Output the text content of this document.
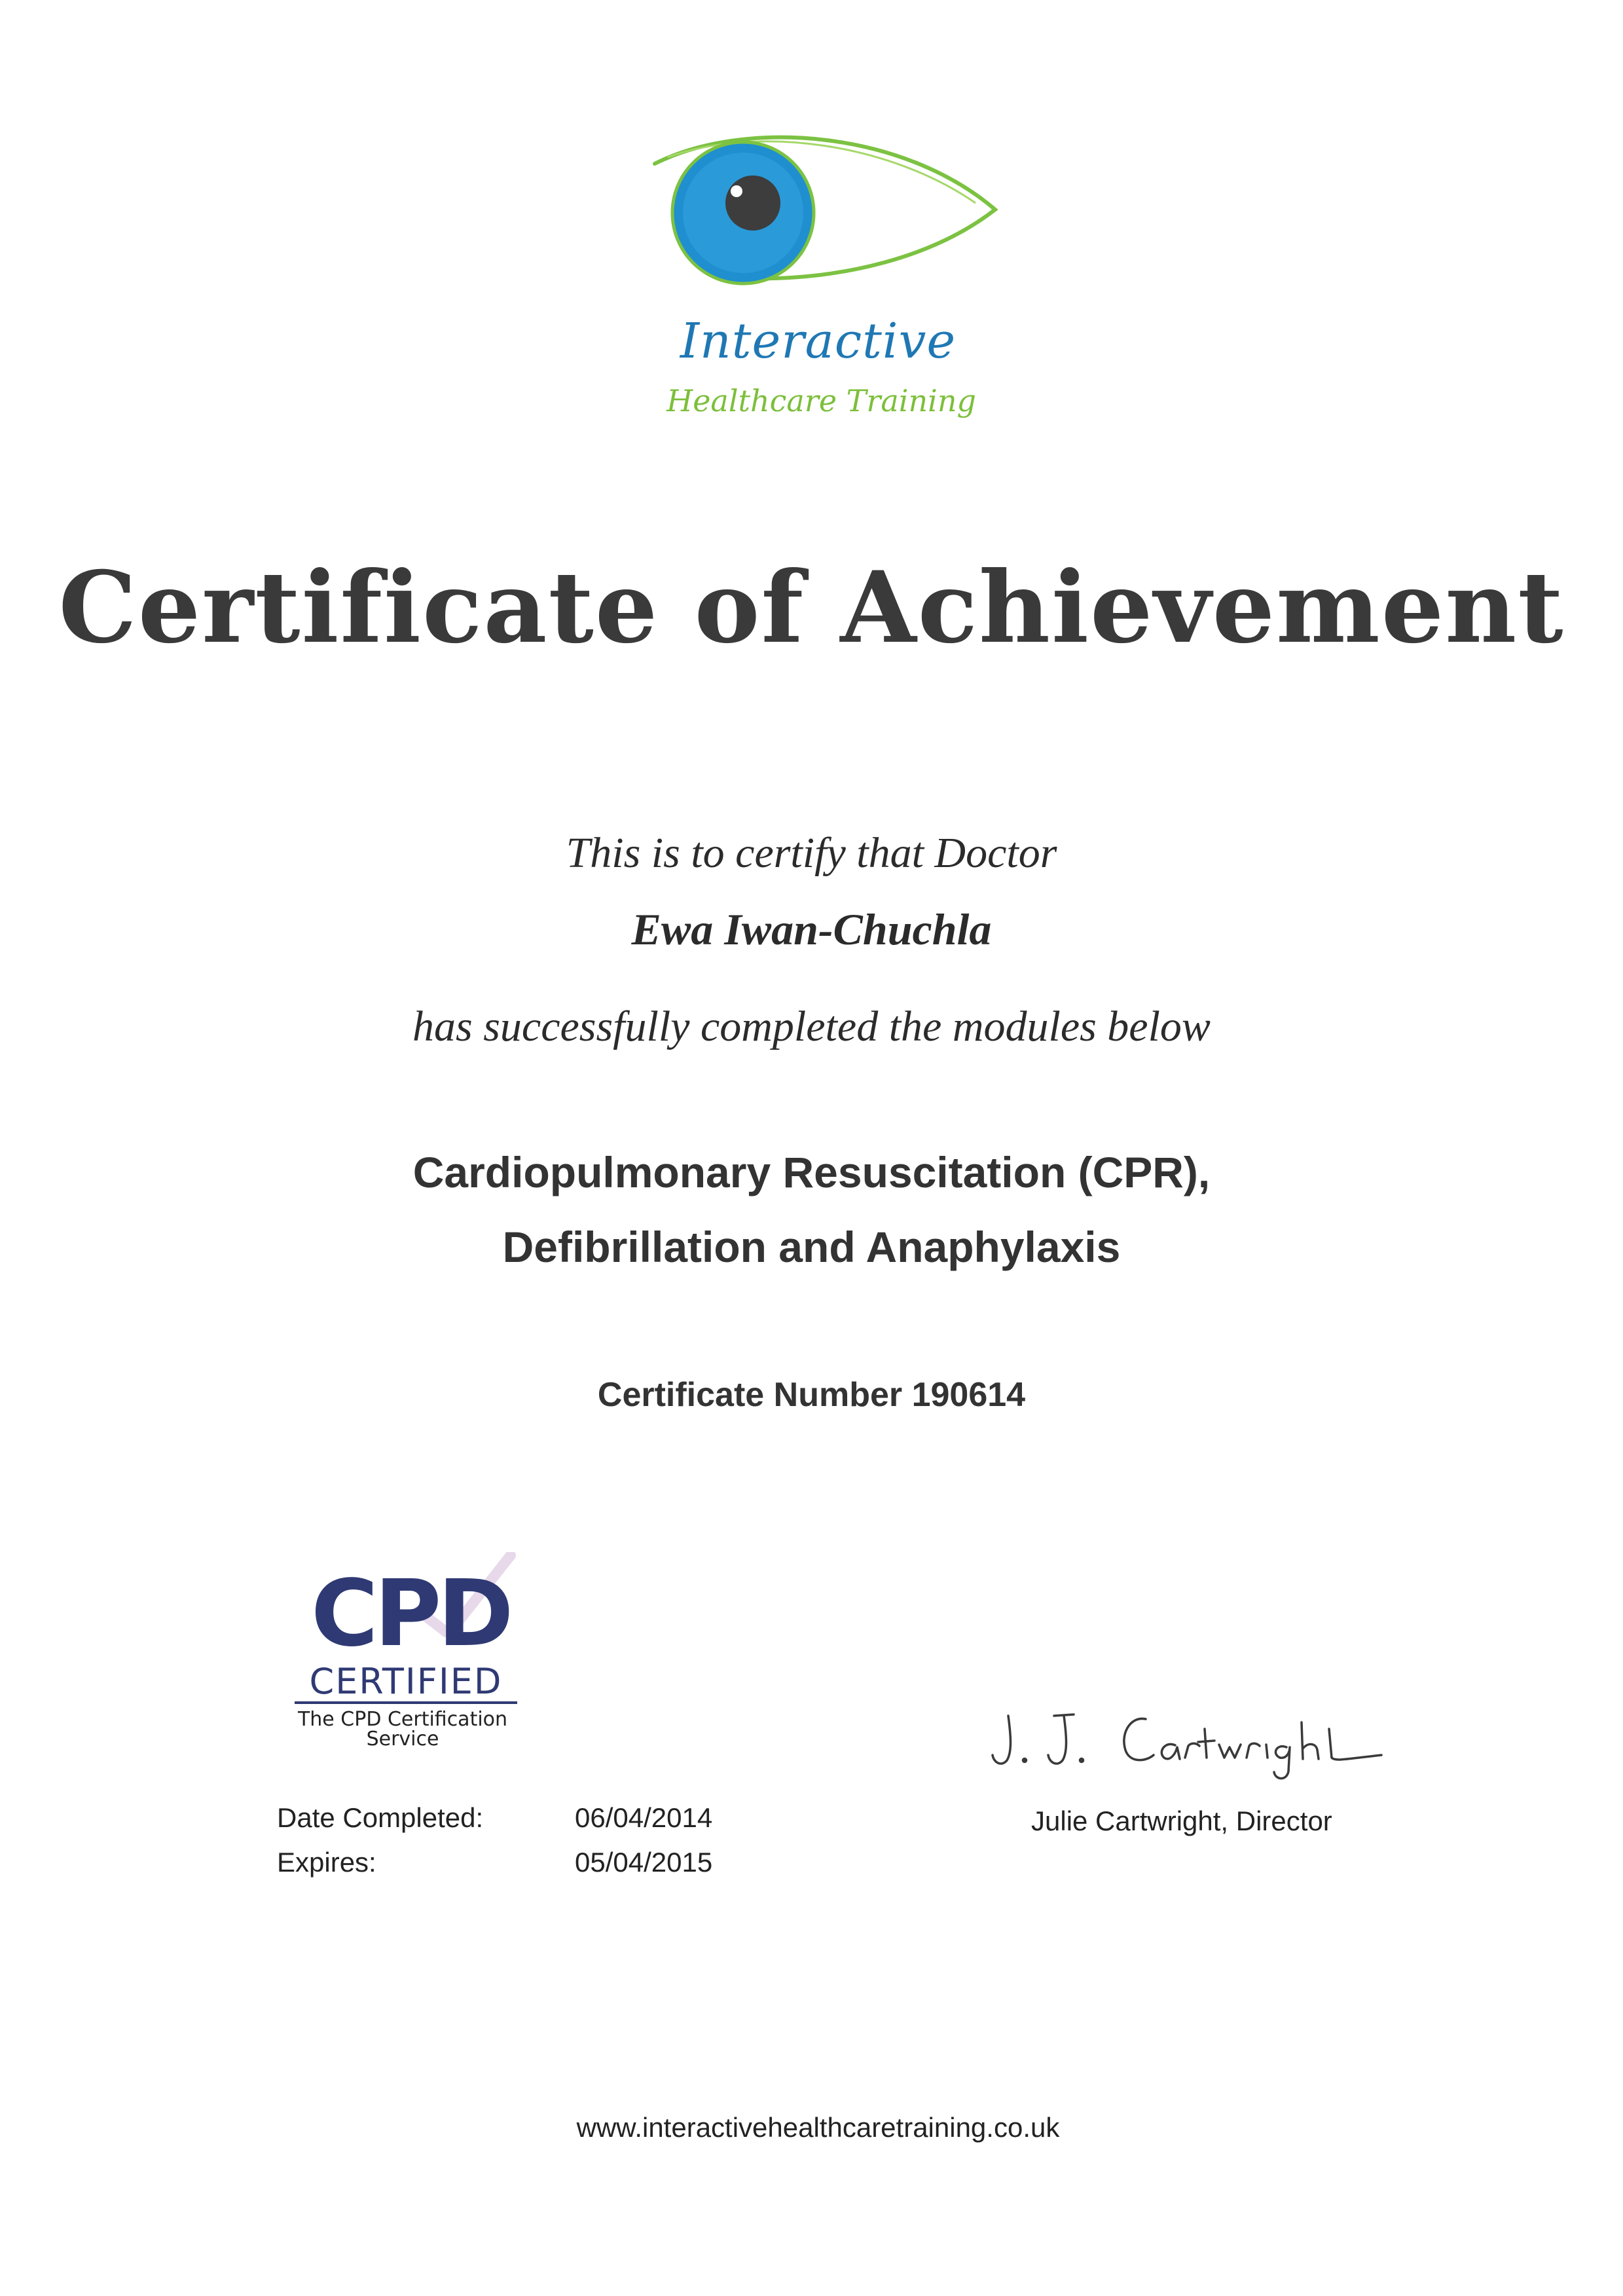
Interactive
Healthcare Training
Certificate of Achievement
This is to certify that Doctor
Ewa Iwan-Chuchla
has successfully completed the modules below
Cardiopulmonary Resuscitation (CPR),
Defibrillation and Anaphylaxis
Certificate Number 190614
CPD
CERTIFIED
The CPD Certification
Service
Date Completed:	06/04/2014
Expires:	05/04/2015
Julie Cartwright, Director
www.interactivehealthcaretraining.co.uk
